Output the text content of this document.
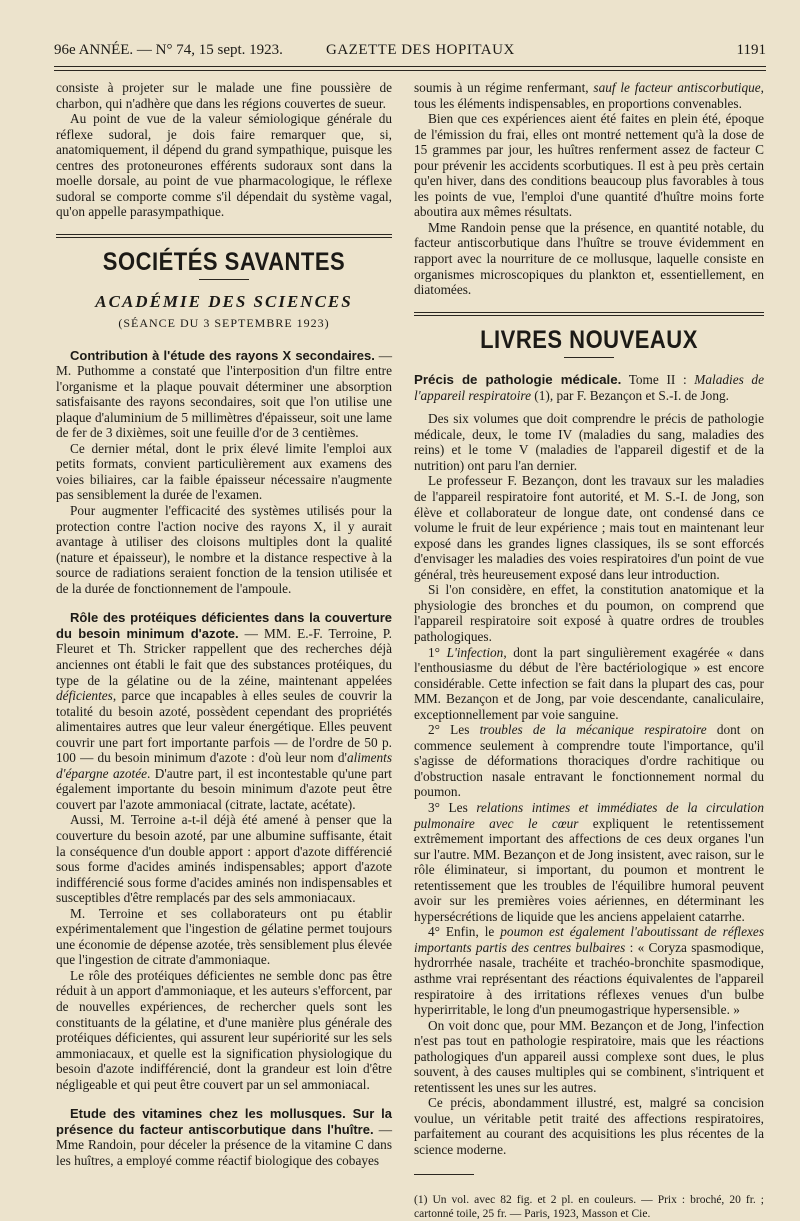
96e ANNÉE. — N° 74, 15 sept. 1923.	GAZETTE DES HOPITAUX	1191

consiste à projeter sur le malade une fine poussière de charbon, qui n'adhère que dans les régions couvertes de sueur.

Au point de vue de la valeur sémiologique générale du réflexe sudoral, je dois faire remarquer que, si, anatomiquement, il dépend du grand sympathique, puisque les centres des protoneurones efférents sudoraux sont dans la moelle dorsale, au point de vue pharmacologique, le réflexe sudoral se comporte comme s'il dépendait du système vagal, qu'on appelle parasympathique.

SOCIÉTÉS SAVANTES
ACADÉMIE DES SCIENCES
(SÉANCE DU 3 SEPTEMBRE 1923)

Contribution à l'étude des rayons X secondaires. — M. Puthomme a constaté que l'interposition d'un filtre entre l'organisme et la plaque pouvait déterminer une absorption satisfaisante des rayons secondaires, soit que l'on utilise une plaque d'aluminium de 5 millimètres d'épaisseur, soit une lame de fer de 3 dixièmes, soit une feuille d'or de 3 centièmes.

Ce dernier métal, dont le prix élevé limite l'emploi aux petits formats, convient particulièrement aux examens des voies biliaires, car la faible épaisseur nécessaire n'augmente pas sensiblement la durée de l'examen.

Pour augmenter l'efficacité des systèmes utilisés pour la protection contre l'action nocive des rayons X, il y aurait avantage à utiliser des cloisons multiples dont la qualité (nature et épaisseur), le nombre et la distance respective à la source de radiations seraient fonction de la tension utilisée et de la durée de fonctionnement de l'ampoule.

Rôle des protéiques déficientes dans la couverture du besoin minimum d'azote. — MM. E.-F. Terroine, P. Fleuret et Th. Stricker rappellent que des recherches déjà anciennes ont établi le fait que des substances protéiques, du type de la gélatine ou de la zéine, maintenant appelées déficientes, parce que incapables à elles seules de couvrir la totalité du besoin azoté, possèdent cependant des propriétés alimentaires autres que leur valeur énergétique. Elles peuvent couvrir une part fort importante parfois — de l'ordre de 50 p. 100 — du besoin minimum d'azote : d'où leur nom d'aliments d'épargne azotée. D'autre part, il est incontestable qu'une part également importante du besoin minimum d'azote peut être couvert par l'azote ammoniacal (citrate, lactate, acétate).

Aussi, M. Terroine a-t-il déjà été amené à penser que la couverture du besoin azoté, par une albumine suffisante, était la conséquence d'un double apport : apport d'azote différencié sous forme d'acides aminés indispensables; apport d'azote indifférencié sous forme d'acides aminés non indispensables et susceptibles d'être remplacés par des sels ammoniacaux.

M. Terroine et ses collaborateurs ont pu établir expérimentalement que l'ingestion de gélatine permet toujours une économie de dépense azotée, très sensiblement plus élevée que l'ingestion de citrate d'ammoniaque.

Le rôle des protéiques déficientes ne semble donc pas être réduit à un apport d'ammoniaque, et les auteurs s'efforcent, par de nouvelles expériences, de rechercher quels sont les constituants de la gélatine, et d'une manière plus générale des protéiques déficientes, qui assurent leur supériorité sur les sels ammoniacaux, et quelle est la signification physiologique du besoin d'azote indifférencié, dont la grandeur est loin d'être négligeable et qui peut être couvert par un sel ammoniacal.

Etude des vitamines chez les mollusques. Sur la présence du facteur antiscorbutique dans l'huître. — Mme Randoin, pour déceler la présence de la vitamine C dans les huîtres, a employé comme réactif biologique des cobayes

soumis à un régime renfermant, sauf le facteur antiscorbutique, tous les éléments indispensables, en proportions convenables.

Bien que ces expériences aient été faites en plein été, époque de l'émission du frai, elles ont montré nettement qu'à la dose de 15 grammes par jour, les huîtres renferment assez de facteur C pour prévenir les accidents scorbutiques. Il est à peu près certain qu'en hiver, dans des conditions beaucoup plus favorables à tous les points de vue, l'emploi d'une quantité d'huître moins forte aboutira aux mêmes résultats.

Mme Randoin pense que la présence, en quantité notable, du facteur antiscorbutique dans l'huître se trouve évidemment en rapport avec la nourriture de ce mollusque, laquelle consiste en organismes microscopiques du plankton et, essentiellement, en diatomées.

LIVRES NOUVEAUX

Précis de pathologie médicale. Tome II : Maladies de l'appareil respiratoire (1), par F. Bezançon et S.-I. de Jong.

Des six volumes que doit comprendre le précis de pathologie médicale, deux, le tome IV (maladies du sang, maladies des reins) et le tome V (maladies de l'appareil digestif et de la nutrition) ont paru l'an dernier.

Le professeur F. Bezançon, dont les travaux sur les maladies de l'appareil respiratoire font autorité, et M. S.-I. de Jong, son élève et collaborateur de longue date, ont condensé dans ce volume le fruit de leur expérience ; mais tout en maintenant leur exposé dans les grandes lignes classiques, ils se sont efforcés d'envisager les maladies des voies respiratoires d'un point de vue général, très heureusement exposé dans leur introduction.

Si l'on considère, en effet, la constitution anatomique et la physiologie des bronches et du poumon, on comprend que l'appareil respiratoire soit exposé à quatre ordres de troubles pathologiques.

1° L'infection, dont la part singulièrement exagérée « dans l'enthousiasme du début de l'ère bactériologique » est encore considérable. Cette infection se fait dans la plupart des cas, pour MM. Bezançon et de Jong, par voie descendante, canaliculaire, exceptionnellement par voie sanguine.

2° Les troubles de la mécanique respiratoire dont on commence seulement à comprendre toute l'importance, qu'il s'agisse de déformations thoraciques d'ordre rachitique ou d'obstruction nasale entravant le fonctionnement normal du poumon.

3° Les relations intimes et immédiates de la circulation pulmonaire avec le cœur expliquent le retentissement extrêmement important des affections de ces deux organes l'un sur l'autre. MM. Bezançon et de Jong insistent, avec raison, sur le rôle éliminateur, si important, du poumon et montrent le retentissement que les troubles de l'équilibre humoral peuvent avoir sur les premières voies aériennes, en déterminant les hypersécrétions de liquide que les anciens appelaient catarrhe.

4° Enfin, le poumon est également l'aboutissant de réflexes importants partis des centres bulbaires : « Coryza spasmodique, hydrorrhée nasale, trachéite et trachéo-bronchite spasmodique, asthme vrai représentant des réactions équivalentes de l'appareil respiratoire à des irritations réflexes venues d'un bulbe hyperirritable, le long d'un pneumogastrique hypersensible. »

On voit donc que, pour MM. Bezançon et de Jong, l'infection n'est pas tout en pathologie respiratoire, mais que les réactions pathologiques d'un appareil aussi complexe sont dues, le plus souvent, à des causes multiples qui se combinent, s'intriquent et retentissent les unes sur les autres.

Ce précis, abondamment illustré, est, malgré sa concision voulue, un véritable petit traité des affections respiratoires, parfaitement au courant des acquisitions les plus récentes de la science moderne.

(1) Un vol. avec 82 fig. et 2 pl. en couleurs. — Prix : broché, 20 fr. ; cartonné toile, 25 fr. — Paris, 1923, Masson et Cie.
